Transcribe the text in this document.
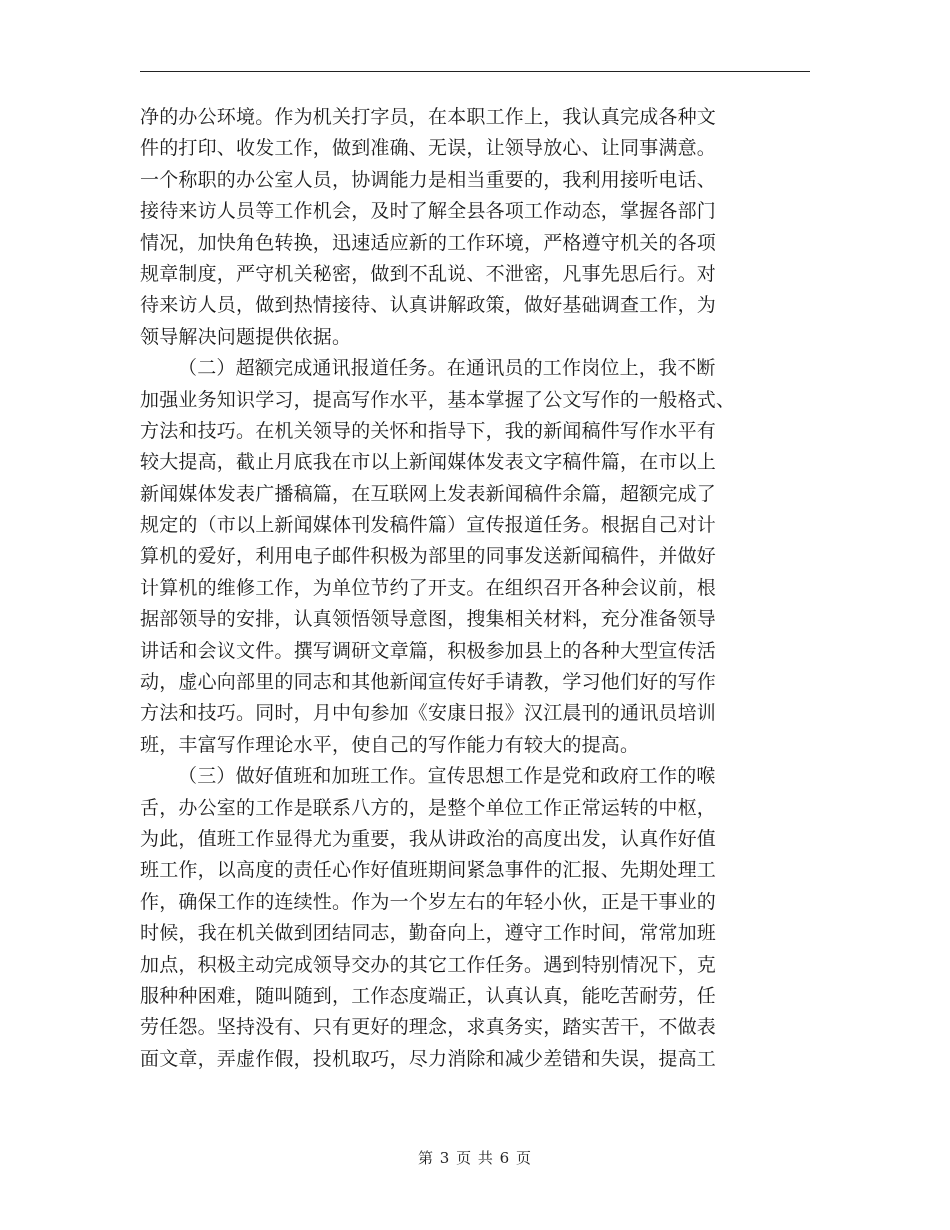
净的办公环境。作为机关打字员，在本职工作上，我认真完成各种文
件的打印、收发工作，做到准确、无误，让领导放心、让同事满意。
一个称职的办公室人员，协调能力是相当重要的，我利用接听电话、
接待来访人员等工作机会，及时了解全县各项工作动态，掌握各部门
情况，加快角色转换，迅速适应新的工作环境，严格遵守机关的各项
规章制度，严守机关秘密，做到不乱说、不泄密，凡事先思后行。对
待来访人员，做到热情接待、认真讲解政策，做好基础调查工作，为
领导解决问题提供依据。
（二）超额完成通讯报道任务。在通讯员的工作岗位上，我不断
加强业务知识学习，提高写作水平，基本掌握了公文写作的一般格式、
方法和技巧。在机关领导的关怀和指导下，我的新闻稿件写作水平有
较大提高，截止月底我在市以上新闻媒体发表文字稿件篇，在市以上
新闻媒体发表广播稿篇，在互联网上发表新闻稿件余篇，超额完成了
规定的（市以上新闻媒体刊发稿件篇）宣传报道任务。根据自己对计
算机的爱好，利用电子邮件积极为部里的同事发送新闻稿件，并做好
计算机的维修工作，为单位节约了开支。在组织召开各种会议前，根
据部领导的安排，认真领悟领导意图，搜集相关材料，充分准备领导
讲话和会议文件。撰写调研文章篇，积极参加县上的各种大型宣传活
动，虚心向部里的同志和其他新闻宣传好手请教，学习他们好的写作
方法和技巧。同时，月中旬参加《安康日报》汉江晨刊的通讯员培训
班，丰富写作理论水平，使自己的写作能力有较大的提高。
（三）做好值班和加班工作。宣传思想工作是党和政府工作的喉
舌，办公室的工作是联系八方的，是整个单位工作正常运转的中枢，
为此，值班工作显得尤为重要，我从讲政治的高度出发，认真作好值
班工作，以高度的责任心作好值班期间紧急事件的汇报、先期处理工
作，确保工作的连续性。作为一个岁左右的年轻小伙，正是干事业的
时候，我在机关做到团结同志，勤奋向上，遵守工作时间，常常加班
加点，积极主动完成领导交办的其它工作任务。遇到特别情况下，克
服种种困难，随叫随到，工作态度端正，认真认真，能吃苦耐劳，任
劳任怨。坚持没有、只有更好的理念，求真务实，踏实苦干，不做表
面文章，弄虚作假，投机取巧，尽力消除和减少差错和失误，提高工
第 3 页 共 6 页
